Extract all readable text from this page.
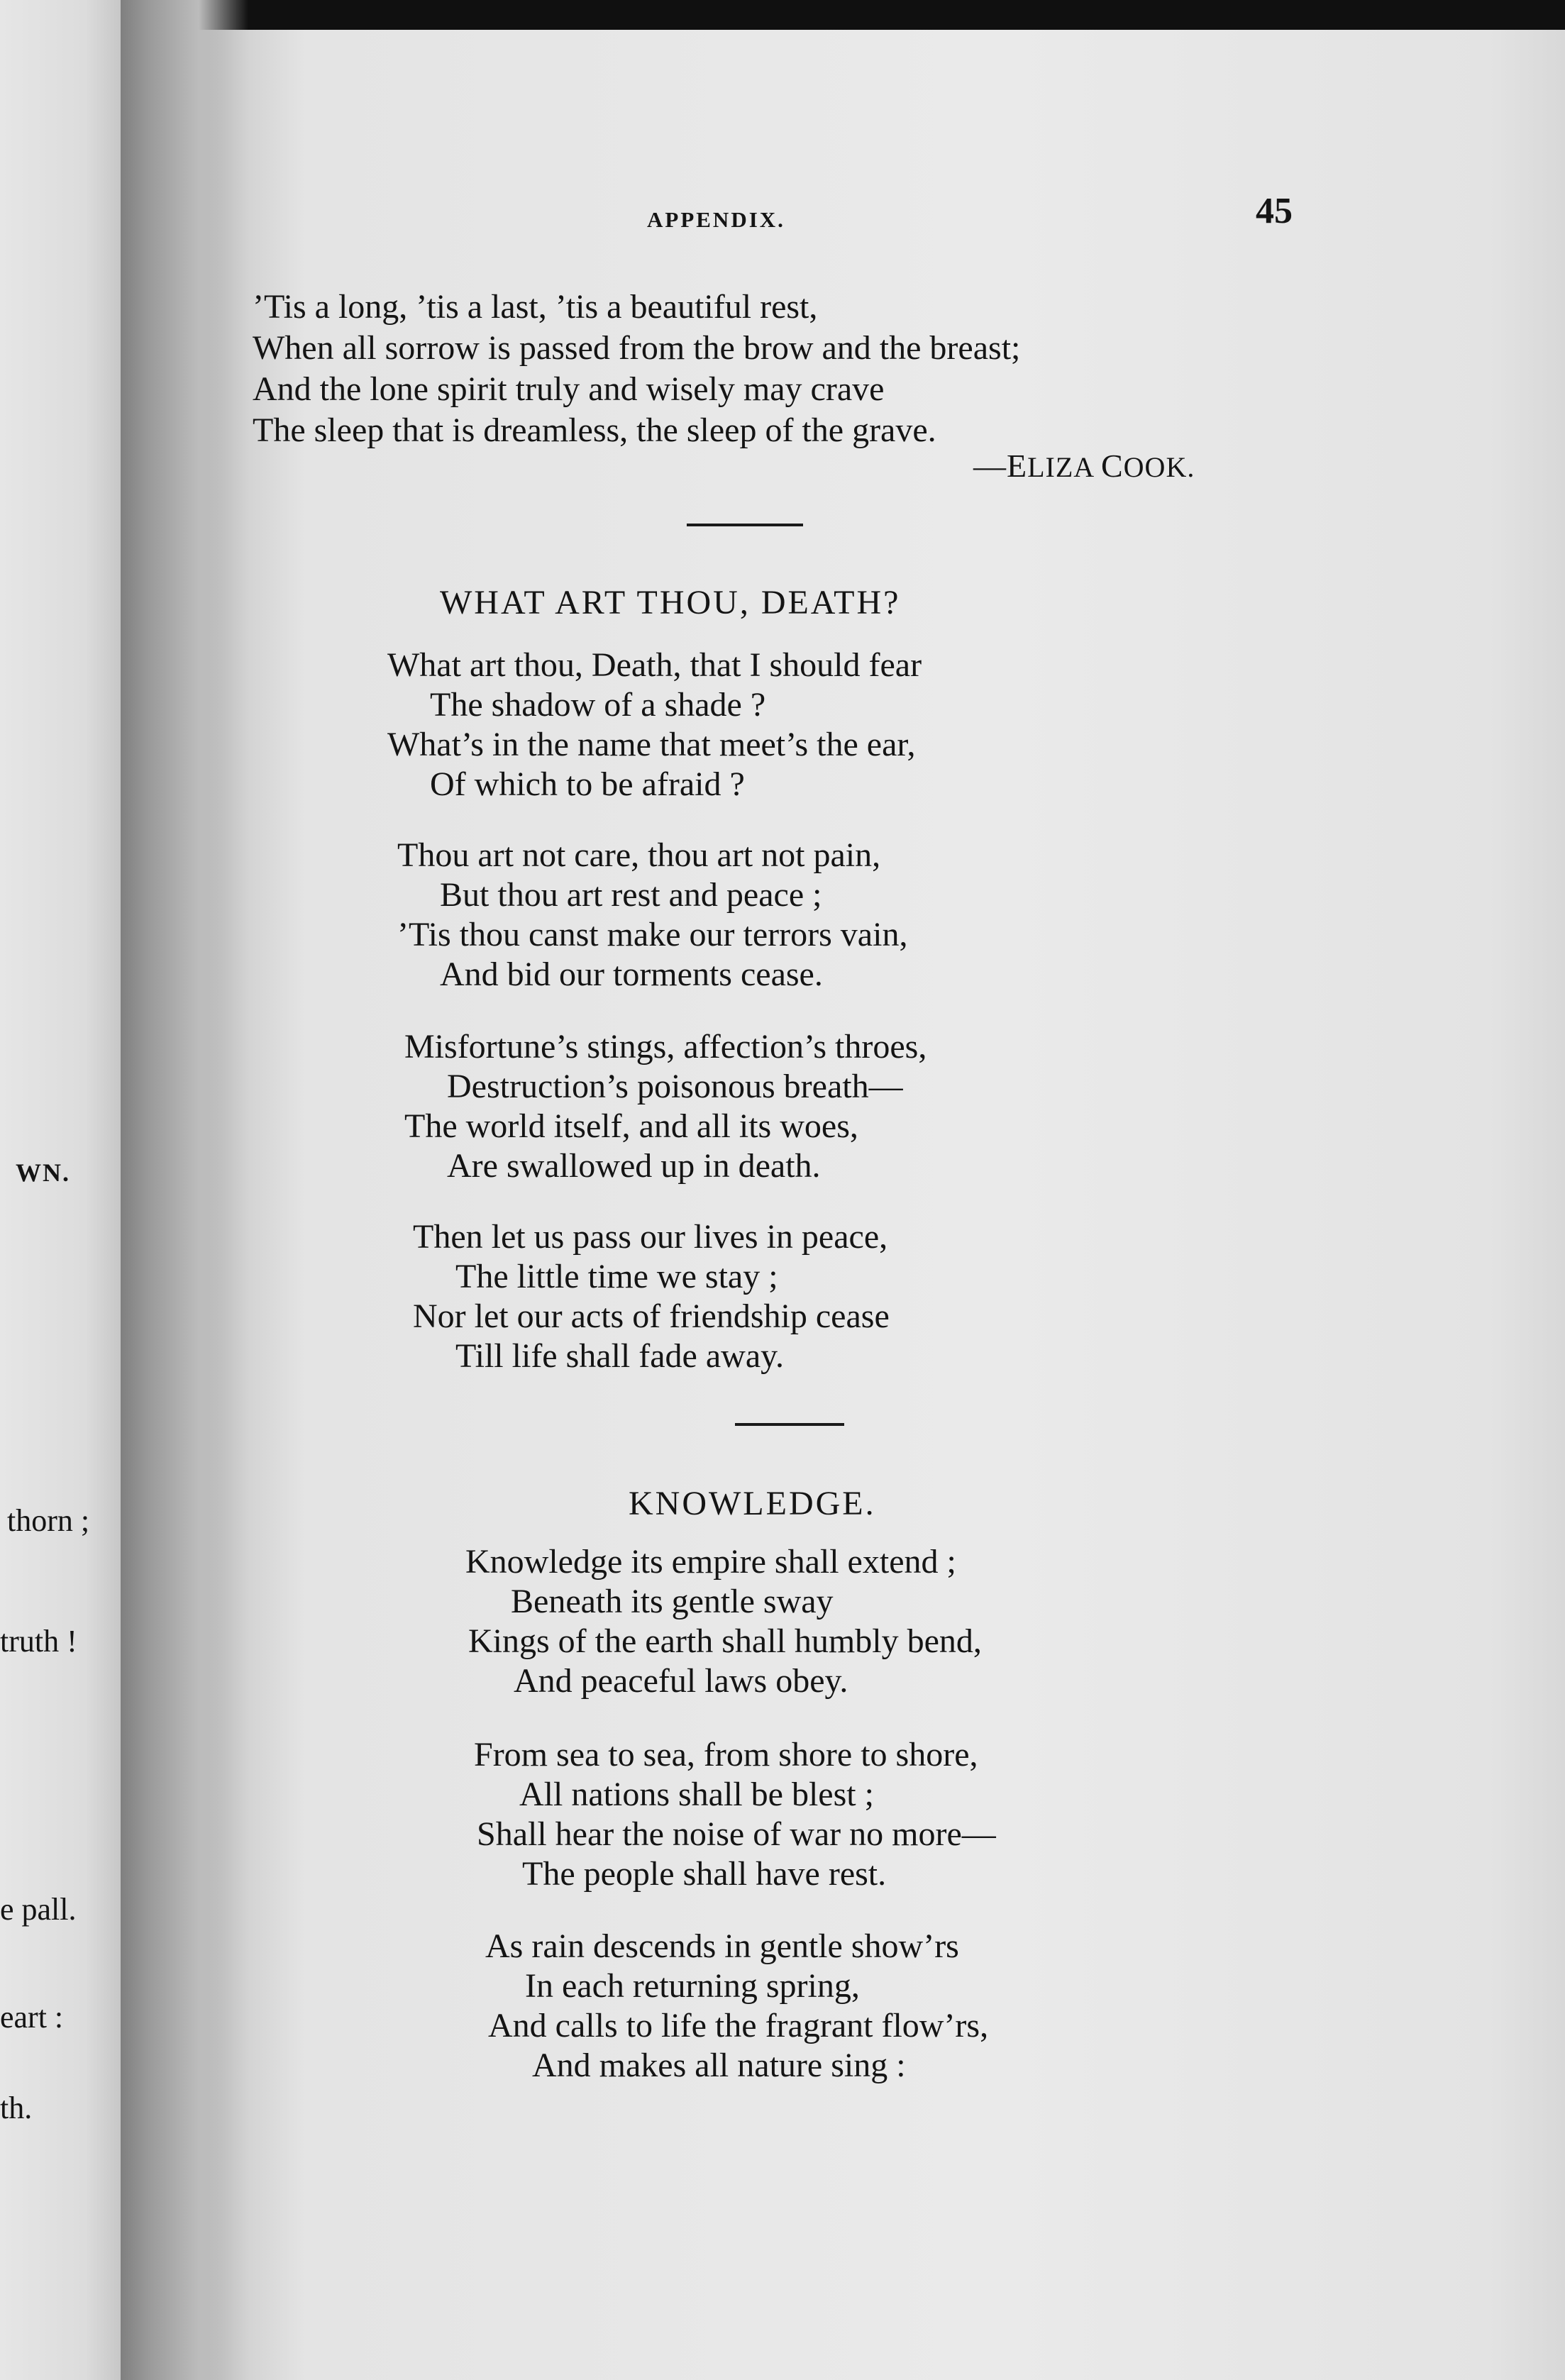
WN.
thorn ;
truth !
e pall.
eart :
th.
APPENDIX.	45
’Tis a long, ’tis a last, ’tis a beautiful rest,
When all sorrow is passed from the brow and the breast;
And the lone spirit truly and wisely may crave
The sleep that is dreamless, the sleep of the grave.
—ELIZA COOK.
WHAT ART THOU, DEATH?
What art thou, Death, that I should fear
The shadow of a shade ?
What’s in the name that meet’s the ear,
Of which to be afraid ?
Thou art not care, thou art not pain,
But thou art rest and peace ;
’Tis thou canst make our terrors vain,
And bid our torments cease.
Misfortune’s stings, affection’s throes,
Destruction’s poisonous breath—
The world itself, and all its woes,
Are swallowed up in death.
Then let us pass our lives in peace,
The little time we stay ;
Nor let our acts of friendship cease
Till life shall fade away.
KNOWLEDGE.
Knowledge its empire shall extend ;
Beneath its gentle sway
Kings of the earth shall humbly bend,
And peaceful laws obey.
From sea to sea, from shore to shore,
All nations shall be blest ;
Shall hear the noise of war no more—
The people shall have rest.
As rain descends in gentle show’rs
In each returning spring,
And calls to life the fragrant flow’rs,
And makes all nature sing :
